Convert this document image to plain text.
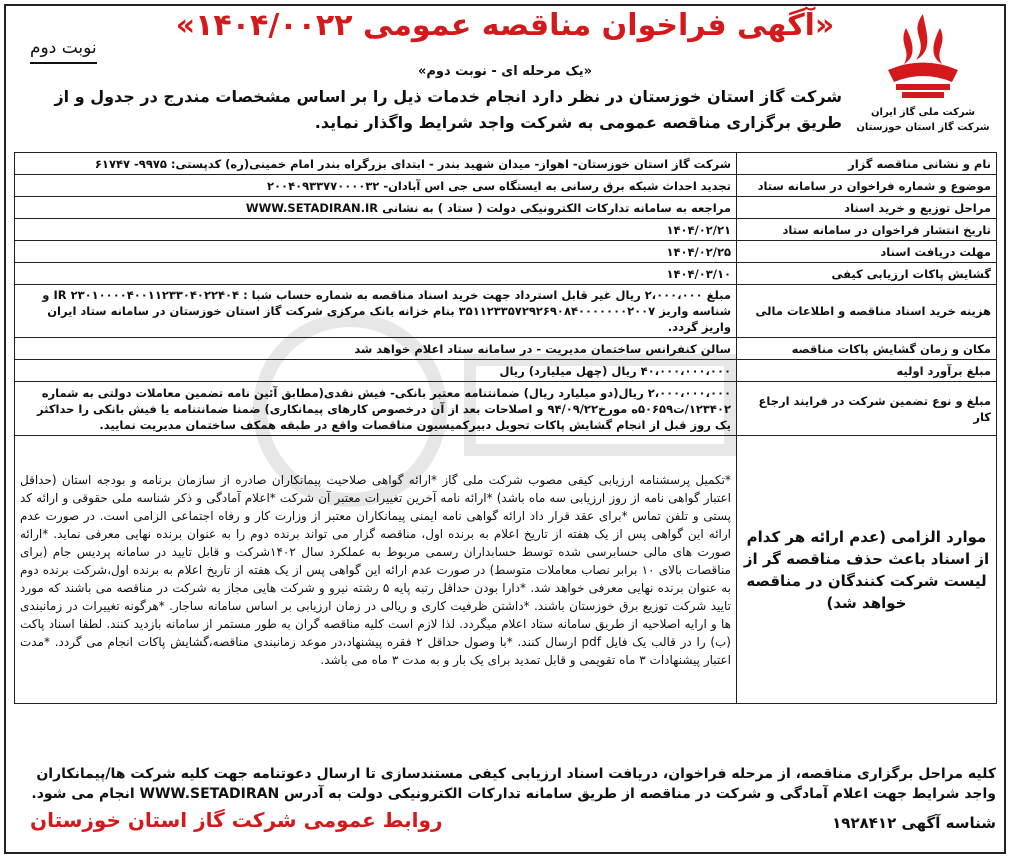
شرکت ملی گاز ایران
شرکت گاز استان خوزستان
نوبت دوم
«آگهی فراخوان مناقصه عمومی ۱۴۰۴/۰۰۲۲»
«یک مرحله ای - نوبت دوم»
شرکت گاز استان خوزستان در نظر دارد انجام خدمات ذیل را بر اساس مشخصات مندرج در جدول و از طریق برگزاری مناقصه عمومی به شرکت واجد شرایط واگذار نماید.
نام و نشانی مناقصه گزار	شرکت گاز استان خوزستان- اهواز- میدان شهید بندر - ابتدای بزرگراه بندر امام خمینی(ره) کدپستی: ۹۹۷۵- ۶۱۷۴۷
موضوع و شماره فراخوان در سامانه ستاد	تجدید احداث شبکه برق رسانی به ایستگاه سی جی اس آبادان- ۲۰۰۴۰۹۳۳۷۷۰۰۰۰۳۲
مراحل توزیع و خرید اسناد	مراجعه به سامانه تدارکات الکترونیکی دولت ( ستاد ) به نشانی WWW.SETADIRAN.IR
تاریخ انتشار فراخوان در سامانه ستاد	۱۴۰۴/۰۲/۲۱
مهلت دریافت اسناد	۱۴۰۴/۰۲/۲۵
گشایش پاکات ارزیابی کیفی	۱۴۰۴/۰۳/۱۰
هزینه خرید اسناد مناقصه و اطلاعات مالی	مبلغ ۲،۰۰۰،۰۰۰ ریال غیر قابل استرداد جهت خرید اسناد مناقصه به شماره حساب شبا : IR ۲۳۰۱۰۰۰۰۴۰۰۱۱۲۳۳۰۴۰۲۲۴۰۴ و شناسه واریز ۳۵۱۱۲۳۳۵۷۲۹۲۶۹۰۸۴۰۰۰۰۰۰۰۲۰۰۷ بنام خزانه بانک مرکزی شرکت گاز استان خوزستان در سامانه ستاد ایران واریز گردد.
مکان و زمان گشایش پاکات مناقصه	سالن کنفرانس ساختمان مدیریت - در سامانه ستاد اعلام خواهد شد
مبلغ برآورد اولیه	۴۰،۰۰۰،۰۰۰،۰۰۰ ریال (چهل میلیارد) ریال
مبلغ و نوع تضمین شرکت در فرایند ارجاع کار	۲،۰۰۰،۰۰۰،۰۰۰ ریال(دو میلیارد ریال) ضمانتنامه معتبر بانکی- فیش نقدی(مطابق آئین نامه تضمین معاملات دولتی به شماره ۱۲۳۴۰۲/ت۵۰۶۵۹ه مورخ۹۴/۰۹/۲۲ و اصلاحات بعد از آن درخصوص کارهای پیمانکاری) ضمنا ضمانتنامه یا فیش بانکی را حداکثر یک روز قبل از انجام گشایش پاکات تحویل دبیرکمیسیون مناقصات واقع در طبقه همکف ساختمان مدیریت نمایید.
موارد الزامی (عدم ارائه هر کدام از اسناد باعث حذف مناقصه گر از لیست شرکت کنندگان در مناقصه خواهد شد)	*تکمیل پرسشنامه ارزیابی کیفی مصوب شرکت ملی گاز *ارائه گواهی صلاحیت پیمانکاران صادره از سازمان برنامه و بودجه استان (حداقل اعتبار گواهی نامه از روز ارزیابی سه ماه باشد) *ارائه نامه آخرین تغییرات معتبر آن شرکت *اعلام آمادگی و ذکر شناسه ملی حقوقی و ارائه کد پستی و تلفن تماس *برای عقد قرار داد ارائه گواهی نامه ایمنی پیمانکاران معتبر از وزارت کار و رفاه اجتماعی الزامی است. در صورت عدم ارائه این گواهی پس از یک هفته از تاریخ اعلام به برنده اول، مناقصه گزار می تواند برنده دوم را به عنوان برنده نهایی معرفی نماید. *ارائه صورت های مالی حسابرسی شده توسط حسابداران رسمی مربوط به عملکرد سال ۱۴۰۲شرکت و قابل تایید در سامانه پردیس جام (برای مناقصات بالای ۱۰ برابر نصاب معاملات متوسط) در صورت عدم ارائه این گواهی پس از یک هفته از تاریخ اعلام به برنده اول،شرکت برنده دوم به عنوان برنده نهایی معرفی خواهد شد. *دارا بودن حداقل رتبه پایه ۵ رشته نیرو و شرکت هایی مجاز به شرکت در مناقصه می باشند که مورد تایید شرکت توزیع برق خوزستان باشند. *داشتن ظرفیت کاری و ریالی در زمان ارزیابی بر اساس سامانه ساجار. *هرگونه تغییرات در زمانبندی ها و ارایه اصلاحیه از طریق سامانه ستاد اعلام میگردد. لذا لازم است کلیه مناقصه گران به طور مستمر از سامانه بازدید کنند. لطفا اسناد پاکت (ب) را در قالب یک فایل pdf ارسال کنند. *با وصول حداقل ۲ فقره پیشنهاد،در موعد زمانبندی مناقصه،گشایش پاکات انجام می گردد. *مدت اعتبار پیشنهادات ۳ ماه تقویمی و قابل تمدید برای یک بار و به مدت ۳ ماه می باشد.
کلیه مراحل برگزاری مناقصه، از مرحله فراخوان، دریافت اسناد ارزیابی کیفی مستندسازی تا ارسال دعوتنامه جهت کلیه شرکت ها/پیمانکاران واجد شرایط جهت اعلام آمادگی و شرکت در مناقصه از طریق سامانه تدارکات الکترونیکی دولت به آدرس WWW.SETADIRAN انجام می شود.
شناسه آگهی ۱۹۲۸۴۱۲
روابط عمومی شرکت گاز استان خوزستان
